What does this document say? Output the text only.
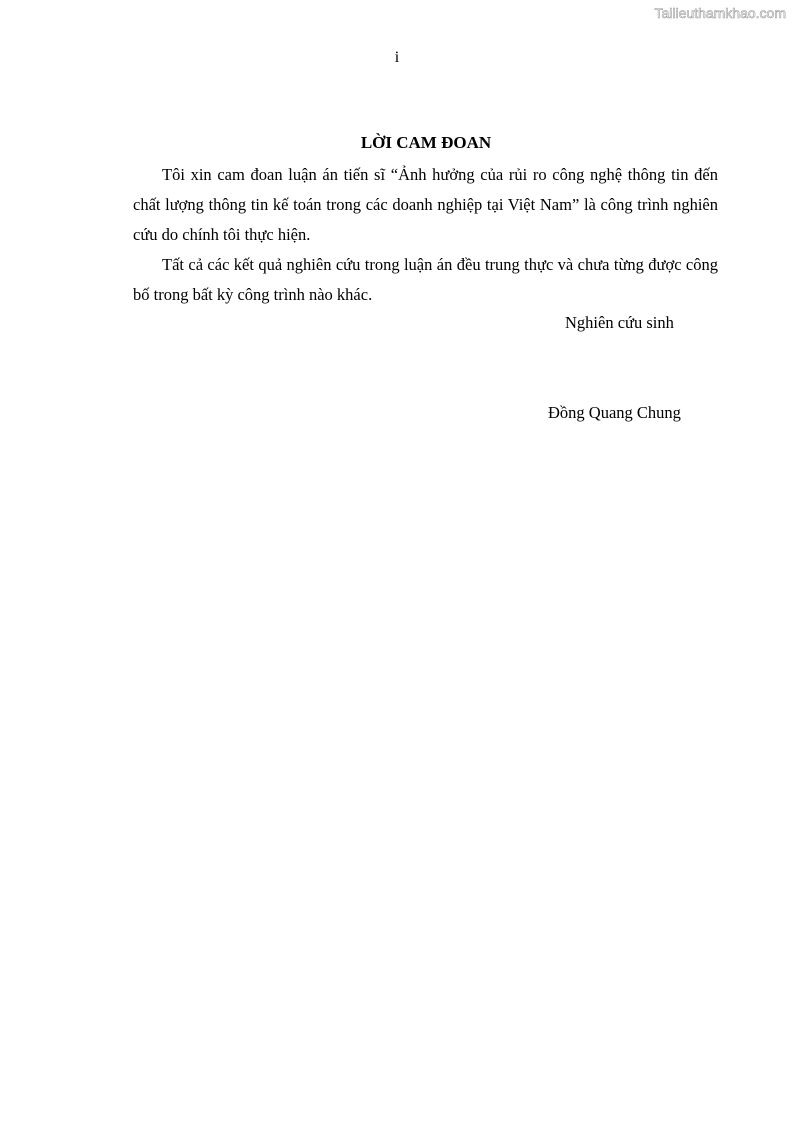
Tailieuthamkhao.com
i
LỜI CAM ĐOAN

Tôi xin cam đoan luận án tiến sĩ “Ảnh hưởng của rủi ro công nghệ thông tin đến chất lượng thông tin kế toán trong các doanh nghiệp tại Việt Nam” là công trình nghiên cứu do chính tôi thực hiện.

Tất cả các kết quả nghiên cứu trong luận án đều trung thực và chưa từng được công bố trong bất kỳ công trình nào khác.

Nghiên cứu sinh
Đồng Quang Chung
